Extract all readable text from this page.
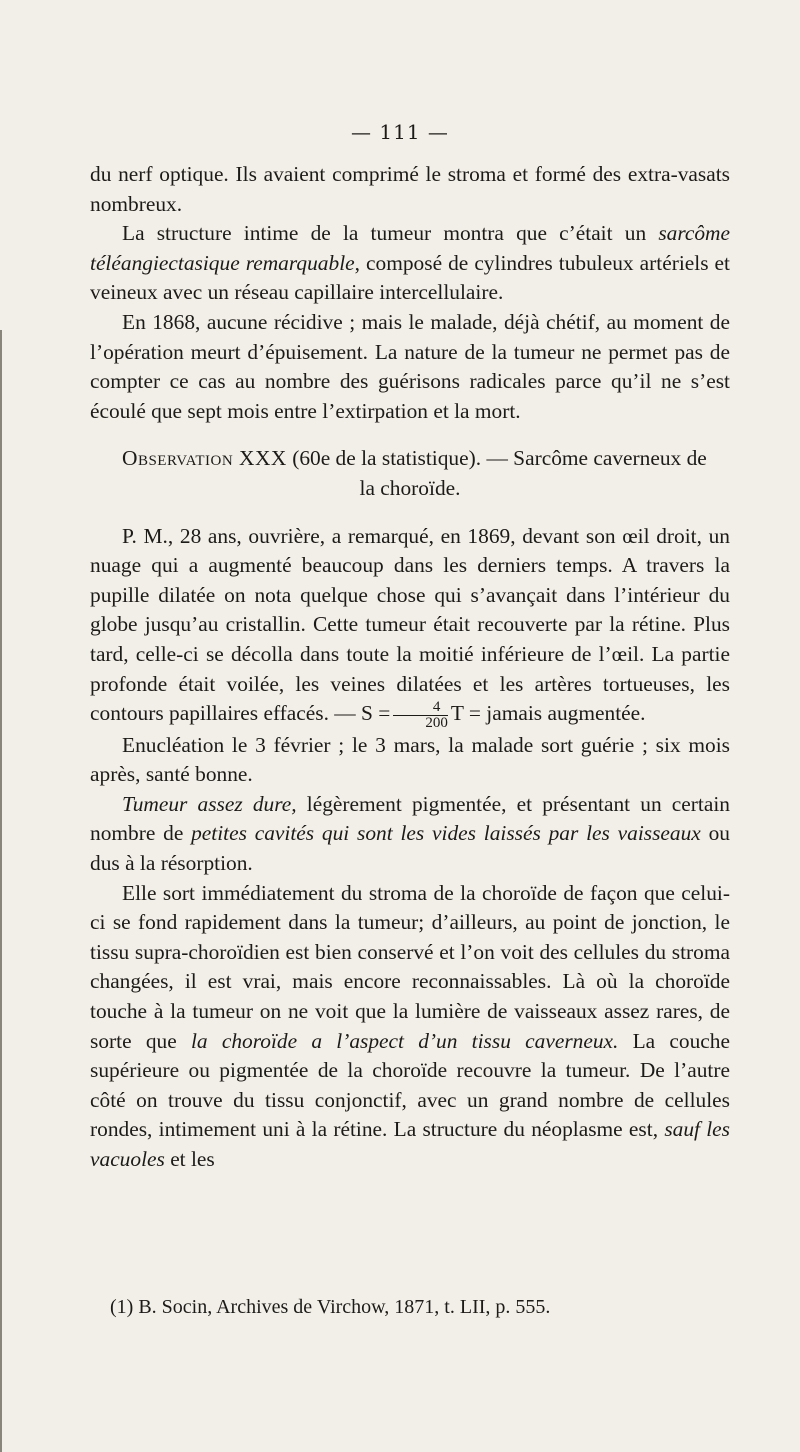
— 111 —

du nerf optique. Ils avaient comprimé le stroma et formé des extra-vasats nombreux.

La structure intime de la tumeur montra que c’était un sarcôme téléangiectasique remarquable, composé de cylindres tubuleux artériels et veineux avec un réseau capillaire intercellulaire.

En 1868, aucune récidive ; mais le malade, déjà chétif, au moment de l’opération meurt d’épuisement. La nature de la tumeur ne permet pas de compter ce cas au nombre des guérisons radicales parce qu’il ne s’est écoulé que sept mois entre l’extirpation et la mort.

Observation XXX (60e de la statistique). — Sarcôme caverneux de
la choroïde.

P. M., 28 ans, ouvrière, a remarqué, en 1869, devant son œil droit, un nuage qui a augmenté beaucoup dans les derniers temps. A travers la pupille dilatée on nota quelque chose qui s’avançait dans l’intérieur du globe jusqu’au cristallin. Cette tumeur était recouverte par la rétine. Plus tard, celle-ci se décolla dans toute la moitié inférieure de l’œil. La partie profonde était voilée, les veines dilatées et les artères tortueuses, les contours papillaires effacés. — $S = \frac{4}{200}$ T = jamais augmentée.

Enucléation le 3 février ; le 3 mars, la malade sort guérie ; six mois après, santé bonne.

Tumeur assez dure, légèrement pigmentée, et présentant un certain nombre de petites cavités qui sont les vides laissés par les vaisseaux ou dus à la résorption.

Elle sort immédiatement du stroma de la choroïde de façon que celui-ci se fond rapidement dans la tumeur; d’ailleurs, au point de jonction, le tissu supra-choroïdien est bien conservé et l’on voit des cellules du stroma changées, il est vrai, mais encore reconnaissables. Là où la choroïde touche à la tumeur on ne voit que la lumière de vaisseaux assez rares, de sorte que la choroïde a l’aspect d’un tissu caverneux. La couche supérieure ou pigmentée de la choroïde recouvre la tumeur. De l’autre côté on trouve du tissu conjonctif, avec un grand nombre de cellules rondes, intimement uni à la rétine. La structure du néoplasme est, sauf les vacuoles et les

(1) B. Socin, Archives de Virchow, 1871, t. LII, p. 555.
